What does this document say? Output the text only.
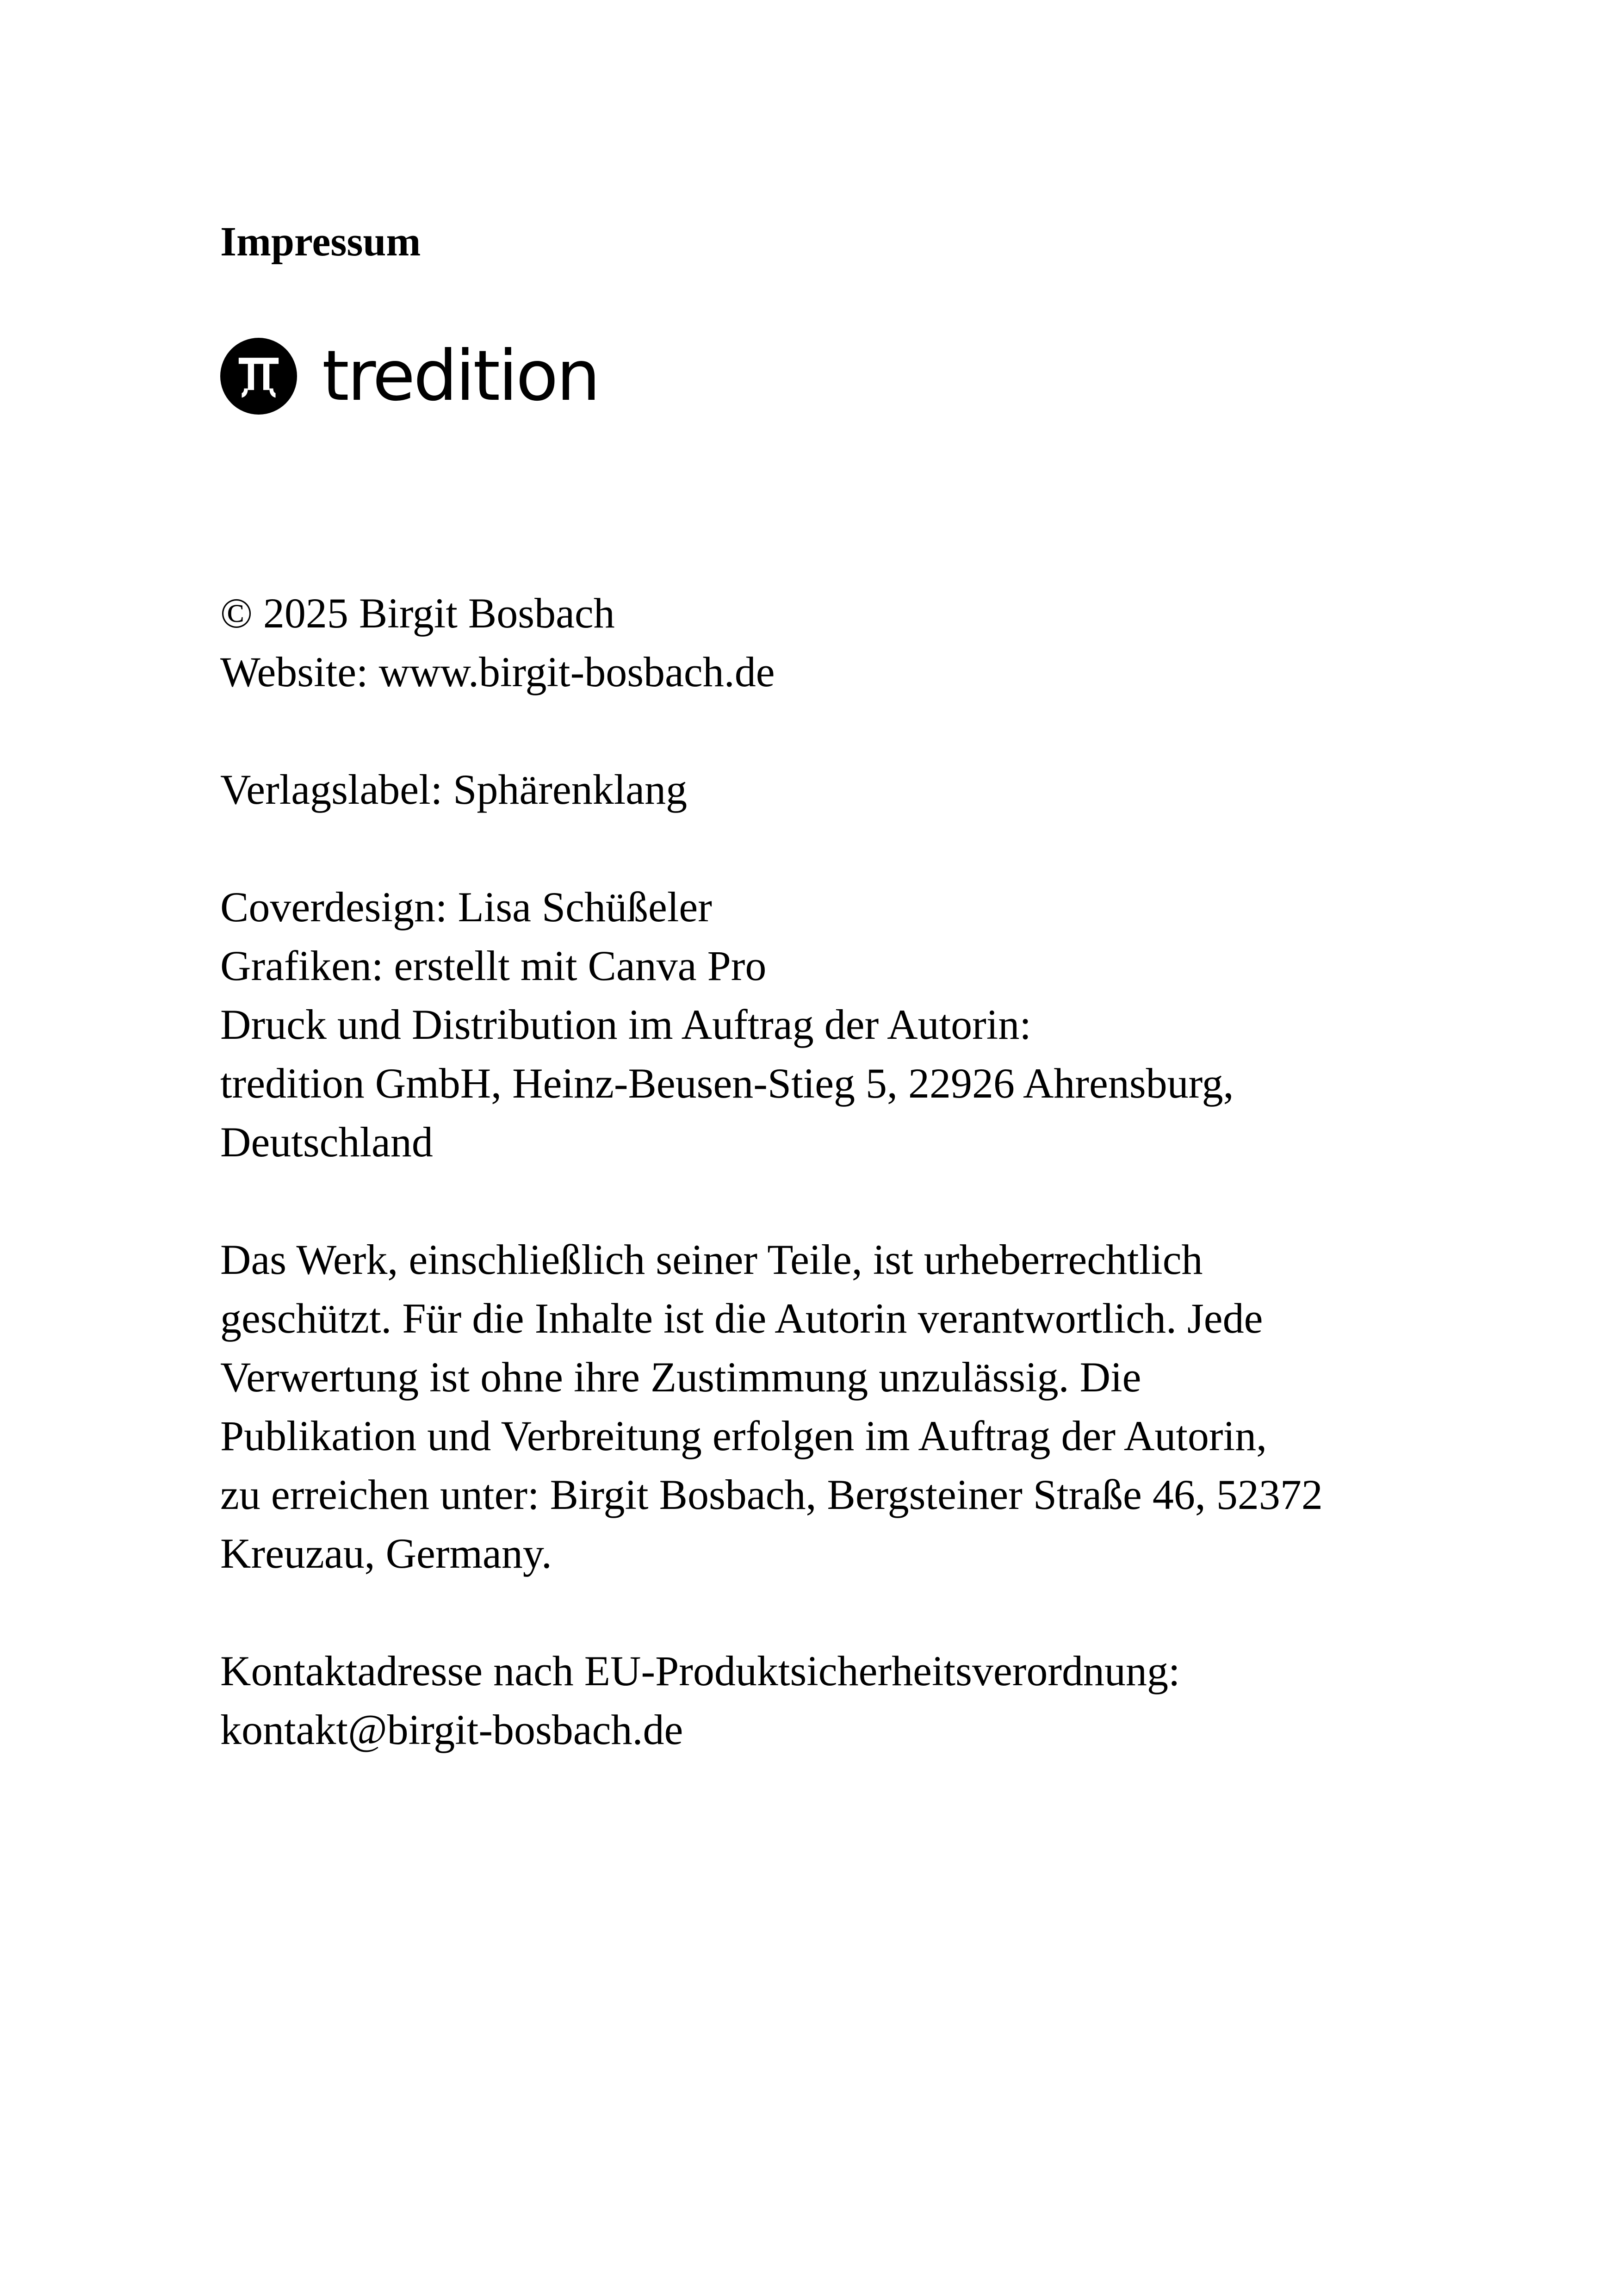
Impressum
tredition
© 2025 Birgit Bosbach
Website: www.birgit-bosbach.de
Verlagslabel: Sphärenklang
Coverdesign: Lisa Schüßeler
Grafiken: erstellt mit Canva Pro
Druck und Distribution im Auftrag der Autorin:
tredition GmbH, Heinz-Beusen-Stieg 5, 22926 Ahrensburg,
Deutschland
Das Werk, einschließlich seiner Teile, ist urheberrechtlich
geschützt. Für die Inhalte ist die Autorin verantwortlich. Jede
Verwertung ist ohne ihre Zustimmung unzulässig. Die
Publikation und Verbreitung erfolgen im Auftrag der Autorin,
zu erreichen unter: Birgit Bosbach, Bergsteiner Straße 46, 52372
Kreuzau, Germany.
Kontaktadresse nach EU-Produktsicherheitsverordnung:
kontakt@birgit-bosbach.de
